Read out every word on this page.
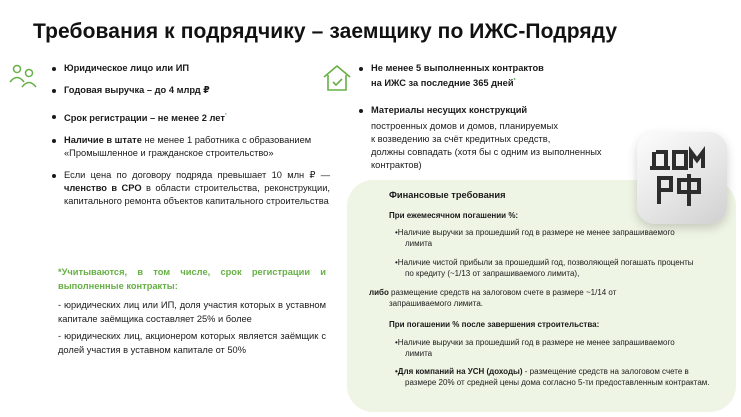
Требования к подрядчику – заемщику по ИЖС-Подряду
Юридическое лицо или ИП
Годовая выручка – до 4 млрд ₽
Срок регистрации – не менее 2 лет*
Наличие в штате не менее 1 работника с образованием «Промышленное и гражданское строительство»
Если цена по договору подряда превышает 10 млн ₽ — членство в СРО в области строительства, реконструкции, капитального ремонта объектов капитального строительства

*Учитываются, в том числе, срок регистрации и выполненные контракты:

- юридических лиц или ИП, доля участия которых в уставном капитале заёмщика составляет 25% и более

- юридических лиц, акционером которых является заёмщик с долей участия в уставном капитале от 50%

Не менее 5 выполненных контрактов
на ИЖС за последние 365 дней*
Материалы несущих конструкций
построенных домов и домов, планируемых
к возведению за счёт кредитных средств,
должны совпадать (хотя бы с одним из выполненных
контрактов)
Финансовые требования
При ежемесячном погашении %:
•Наличие выручки за прошедший год в размере не менее запрашиваемого
лимита
•Наличие чистой прибыли за прошедший год, позволяющей погашать проценты
по кредиту (~1/13 от запрашиваемого лимита),
либо размещение средств на залоговом счете в размере ~1/14 от
запрашиваемого лимита.
При погашении % после завершения строительства:
•Наличие выручки за прошедший год в размере не менее запрашиваемого
лимита
•Для компаний на УСН (доходы) - размещение средств на залоговом счете в
размере 20% от средней цены дома согласно 5-ти предоставленным контрактам.
